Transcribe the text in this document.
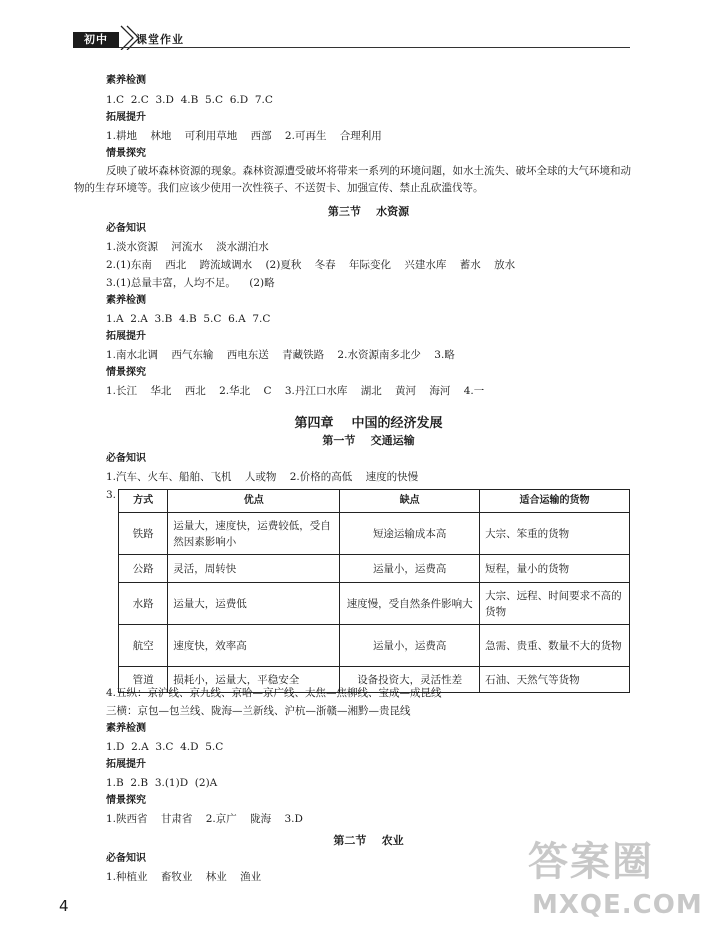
初中	课堂作业
素养检测
1.C  2.C  3.D  4.B  5.C  6.D  7.C
拓展提升
1.耕地    林地    可利用草地    西部    2.可再生    合理利用
情景探究
反映了破坏森林资源的现象。森林资源遭受破坏将带来一系列的环境问题，如水土流失、破坏全球的大气环境和动物的生存环境等。我们应该少使用一次性筷子、不送贺卡、加强宣传、禁止乱砍滥伐等。
第三节    水资源
必备知识
1.淡水资源    河流水    淡水湖泊水
2.(1)东南    西北    跨流域调水    (2)夏秋    冬春    年际变化    兴建水库    蓄水    放水
3.(1)总量丰富，人均不足。    (2)略
素养检测
1.A  2.A  3.B  4.B  5.C  6.A  7.C
拓展提升
1.南水北调    西气东输    西电东送    青藏铁路    2.水资源南多北少    3.略
情景探究
1.长江    华北    西北    2.华北    C    3.丹江口水库    湖北    黄河    海河    4.一
第四章    中国的经济发展
第一节    交通运输
必备知识
1.汽车、火车、船舶、飞机    人或物    2.价格的高低    速度的快慢
3. 方式	优点	缺点	适合运输的货物
铁路	运量大，速度快，运费较低，受自然因素影响小	短途运输成本高	大宗、笨重的货物
公路	灵活，周转快	运量小，运费高	短程，量小的货物
水路	运量大，运费低	速度慢，受自然条件影响大	大宗、远程、时间要求不高的货物
航空	速度快，效率高	运量小，运费高	急需、贵重、数量不大的货物
管道	损耗小，运量大，平稳安全	设备投资大，灵活性差	石油、天然气等货物
4.五纵：京沪线、京九线、京哈—京广线、太焦—焦柳线、宝成—成昆线
三横：京包—包兰线、陇海—兰新线、沪杭—浙赣—湘黔—贵昆线
素养检测
1.D  2.A  3.C  4.D  5.C
拓展提升
1.B  2.B  3.(1)D  (2)A
情景探究
1.陕西省    甘肃省    2.京广    陇海    3.D
第二节    农业
必备知识
1.种植业    畜牧业    林业    渔业
4
答案圈
MXQE.COM
